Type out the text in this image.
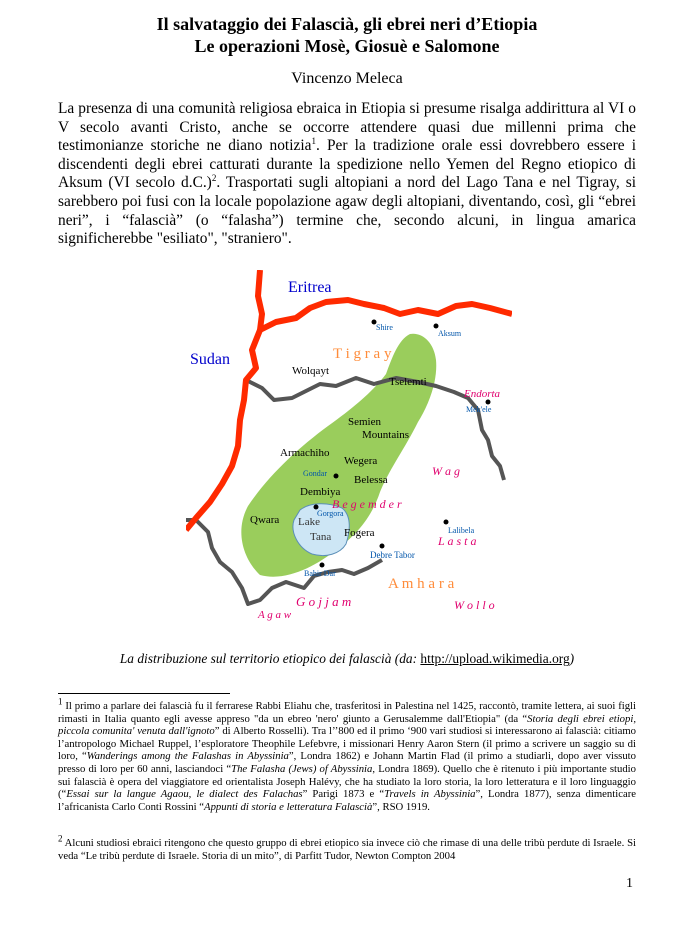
Il salvataggio dei Falascià, gli ebrei neri d’Etiopia
Le operazioni Mosè, Giosuè e Salomone
Vincenzo Meleca

La presenza di una comunità religiosa ebraica in Etiopia si presume risalga addirittura al VI o V secolo avanti Cristo, anche se occorre attendere quasi due millenni prima che testimonianze storiche ne diano notizia$^1$. Per la tradizione orale essi dovrebbero essere i discendenti degli ebrei catturati durante la spedizione nello Yemen del Regno etiopico di Aksum (VI secolo d.C.)$^2$. Trasportati sugli altopiani a nord del Lago Tana e nel Tigray, si sarebbero poi fusi con la locale popolazione agaw degli altopiani, diventando, così, gli “ebrei neri”, i “falascià” (o “falasha”) termine che, secondo alcuni, in lingua amarica significherebbe "esiliato", "straniero".

Eritrea
Sudan	T i g r a y
Endorta
W a g
B e g e m d e r
L a s t a
A m h a r a
G o j j a m	W o l l o
A g a w
Wolqayt
Tselemti
Semien
Mountains
Armachiho
Wegera
Belessa
Dembiya
Qwara
Fogera
Lake
Tana
Shire
Aksum
Mek'ele
Gondar
Gorgora
Lalibela
Debre Tabor
Bahir Dar
La distribuzione sul territorio etiopico dei falascià (da: http://upload.wikimedia.org)

$^1$ Il primo a parlare dei falascià fu il ferrarese Rabbi Eliahu che, trasferitosi in Palestina nel 1425, raccontò, tramite lettera, ai suoi figli rimasti in Italia quanto egli avesse appreso "da un ebreo 'nero' giunto a Gerusalemme dall'Etiopia" (da “Storia degli ebrei etiopi, piccola comunita' venuta dall'ignoto” di Alberto Rosselli). Tra l’’800 ed il primo ‘900 vari studiosi si interessarono ai falascià: citiamo l’antropologo Michael Ruppel, l’esploratore Theophile Lefebvre, i missionari Henry Aaron Stern (il primo a scrivere un saggio su di loro, “Wanderings among the Falashas in Abyssinia”, Londra 1862) e Johann Martin Flad (il primo a studiarli, dopo aver vissuto presso di loro per 60 anni, lasciandoci “The Falasha (Jews) of Abyssinia, Londra 1869). Quello che è ritenuto i più importante studio sui falascià è opera del viaggiatore ed orientalista Joseph Halévy, che ha studiato la loro storia, la loro letteratura e il loro linguaggio (“Essai sur la langue Agaou, le dialect des Falachas” Parigi 1873 e “Travels in Abyssinia”, Londra 1877), senza dimenticare l’africanista Carlo Conti Rossini “Appunti di storia e letteratura Falascià”, RSO 1919.

$^2$ Alcuni studiosi ebraici ritengono che questo gruppo di ebrei etiopico sia invece ciò che rimase di una delle tribù perdute di Israele. Si veda “Le tribù perdute di Israele. Storia di un mito”, di Parfitt Tudor, Newton Compton 2004

1
